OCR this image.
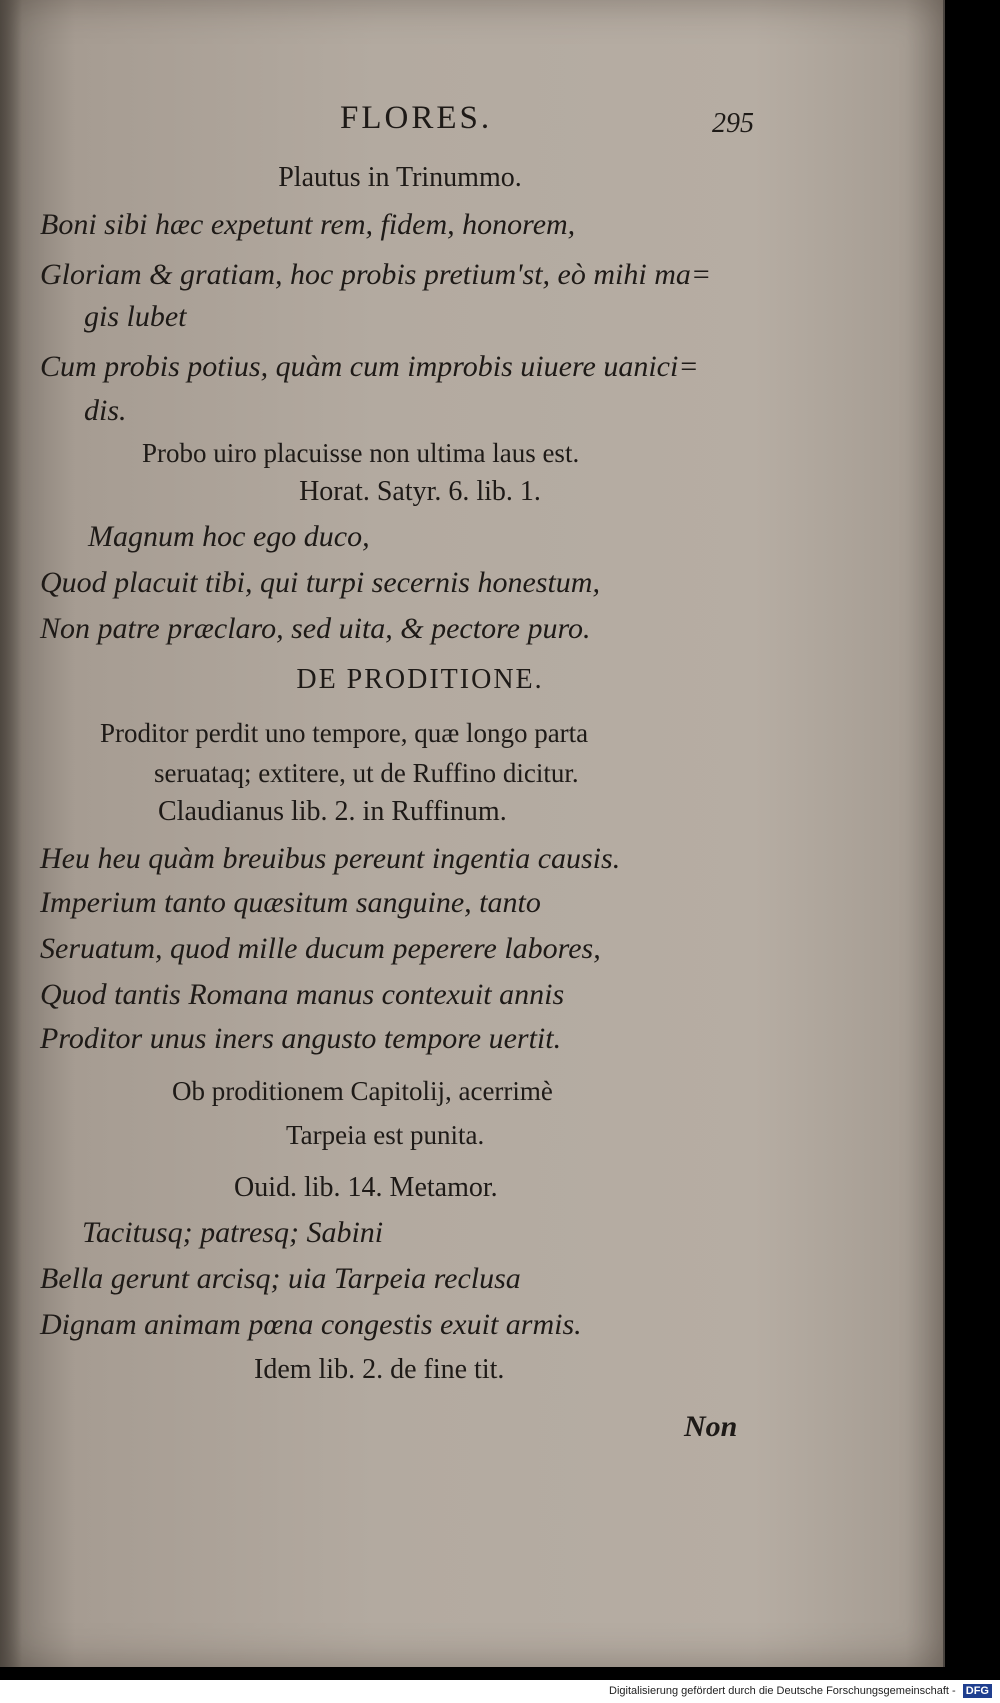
FLORES.	295
Plautus in Trinummo.
Boni sibi hæc expetunt rem, fidem, honorem,
Gloriam & gratiam, hoc probis pretium'st, eò mihi ma=
gis lubet
Cum probis potius, quàm cum improbis uiuere uanici=
dis.
Probo uiro placuisse non ultima laus est.
Horat. Satyr. 6. lib. 1.
Magnum hoc ego duco,
Quod placuit tibi, qui turpi secernis honestum,
Non patre præclaro, sed uita, & pectore puro.
DE PRODITIONE.
Proditor perdit uno tempore, quæ longo parta
seruataq; extitere, ut de Ruffino dicitur.
Claudianus lib. 2. in Ruffinum.
Heu heu quàm breuibus pereunt ingentia causis.
Imperium tanto quæsitum sanguine, tanto
Seruatum, quod mille ducum peperere labores,
Quod tantis Romana manus contexuit annis
Proditor unus iners angusto tempore uertit.
Ob proditionem Capitolij, acerrimè
Tarpeia est punita.
Ouid. lib. 14. Metamor.
Tacitusq; patresq; Sabini
Bella gerunt arcisq; uia Tarpeia reclusa
Dignam animam pœna congestis exuit armis.
Idem lib. 2. de fine tit.
Non
Digitalisierung gefördert durch die Deutsche Forschungsgemeinschaft - DFG
